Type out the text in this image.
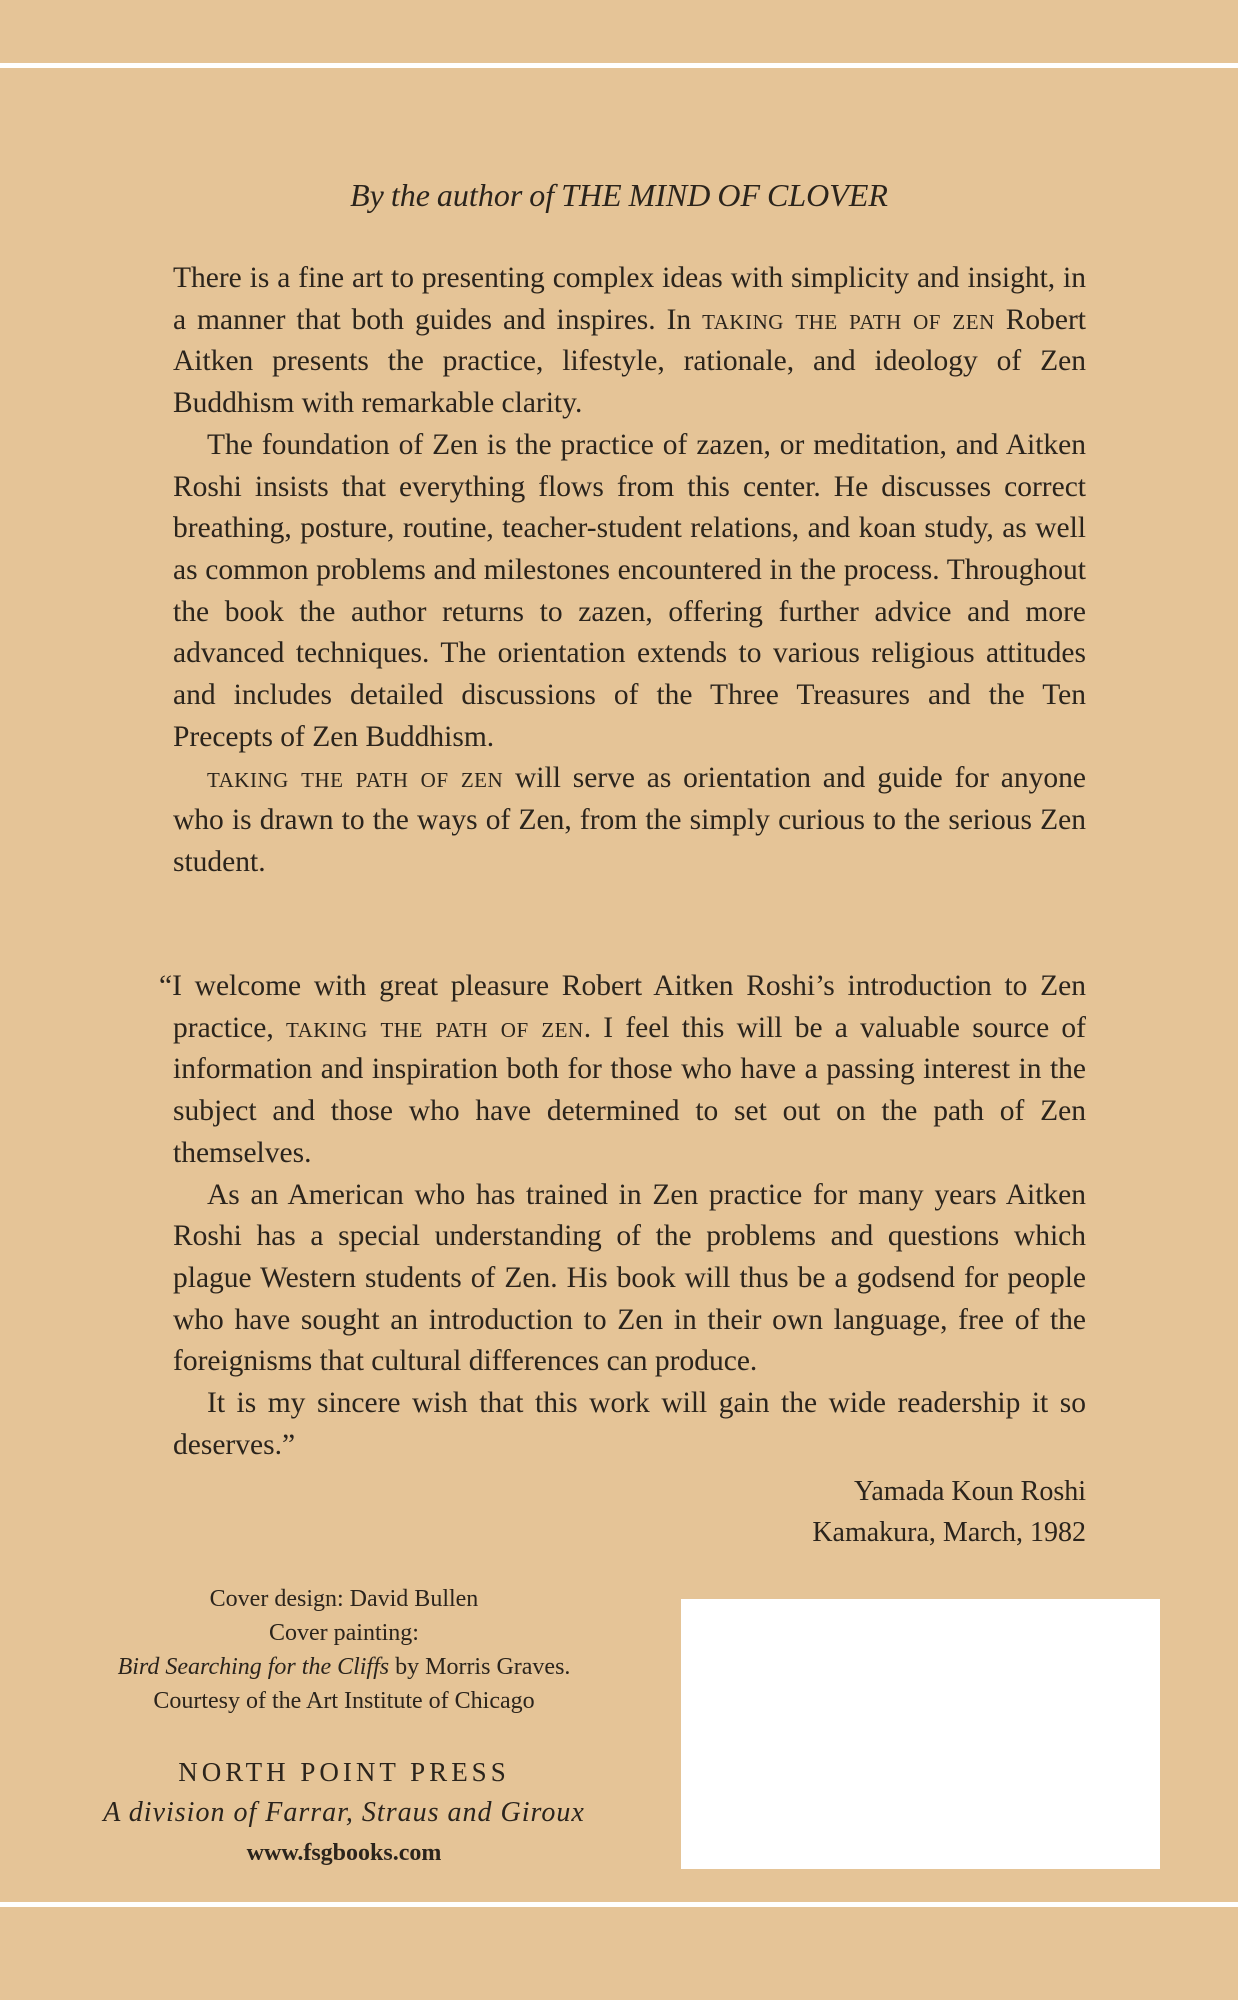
By the author of THE MIND OF CLOVER

There is a fine art to presenting complex ideas with simplicity and insight, in a manner that both guides and inspires. In taking the path of zen Robert Aitken presents the practice, lifestyle, rationale, and ideology of Zen Buddhism with remarkable clarity.

The foundation of Zen is the practice of zazen, or meditation, and Aitken Roshi insists that everything flows from this center. He discusses correct breathing, posture, routine, teacher-student relations, and koan study, as well as common problems and milestones encountered in the process. Throughout the book the author returns to zazen, offering further advice and more advanced techniques. The orientation extends to various religious attitudes and includes detailed discussions of the Three Treasures and the Ten Precepts of Zen Buddhism.

taking the path of zen will serve as orientation and guide for anyone who is drawn to the ways of Zen, from the simply curious to the serious Zen student.

“I welcome with great pleasure Robert Aitken Roshi’s introduction to Zen practice, taking the path of zen. I feel this will be a valuable source of information and inspiration both for those who have a passing interest in the subject and those who have determined to set out on the path of Zen themselves.

As an American who has trained in Zen practice for many years Aitken Roshi has a special understanding of the problems and questions which plague Western students of Zen. His book will thus be a godsend for people who have sought an introduction to Zen in their own language, free of the foreignisms that cultural differences can produce.

It is my sincere wish that this work will gain the wide readership it so deserves.”

Yamada Koun Roshi
Kamakura, March, 1982
Cover design: David Bullen
Cover painting:
Bird Searching for the Cliffs by Morris Graves.
Courtesy of the Art Institute of Chicago
NORTH POINT PRESS
A division of Farrar, Straus and Giroux
www.fsgbooks.com
